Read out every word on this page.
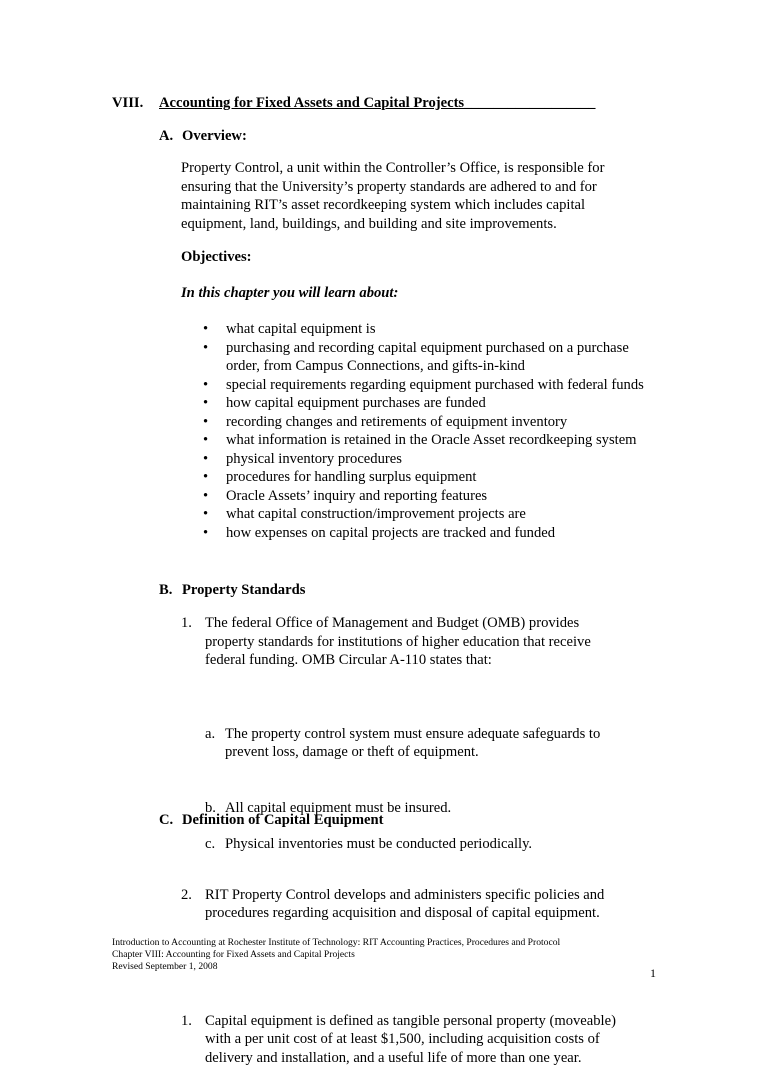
VIII. Accounting for Fixed Assets and Capital Projects__________________
A. Overview:
Property Control, a unit within the Controller’s Office, is responsible for ensuring that the University’s property standards are adhered to and for maintaining RIT’s asset recordkeeping system which includes capital equipment, land, buildings, and building and site improvements.
Objectives:
In this chapter you will learn about:
• what capital equipment is
• purchasing and recording capital equipment purchased on a purchase order, from Campus Connections, and gifts-in-kind
• special requirements regarding equipment purchased with federal funds
• how capital equipment purchases are funded
• recording changes and retirements of equipment inventory
• what information is retained in the Oracle Asset recordkeeping system
• physical inventory procedures
• procedures for handling surplus equipment
• Oracle Assets’ inquiry and reporting features
• what capital construction/improvement projects are
• how expenses on capital projects are tracked and funded
B. Property Standards
1. The federal Office of Management and Budget (OMB) provides property standards for institutions of higher education that receive federal funding. OMB Circular A-110 states that:
a. The property control system must ensure adequate safeguards to prevent loss, damage or theft of equipment.
b. All capital equipment must be insured.
c. Physical inventories must be conducted periodically.
2. RIT Property Control develops and administers specific policies and procedures regarding acquisition and disposal of capital equipment.
C. Definition of Capital Equipment
1. Capital equipment is defined as tangible personal property (moveable) with a per unit cost of at least $1,500, including acquisition costs of delivery and installation, and a useful life of more than one year.
Introduction to Accounting at Rochester Institute of Technology: RIT Accounting Practices, Procedures and Protocol
Chapter VIII: Accounting for Fixed Assets and Capital Projects
Revised September 1, 2008	1
